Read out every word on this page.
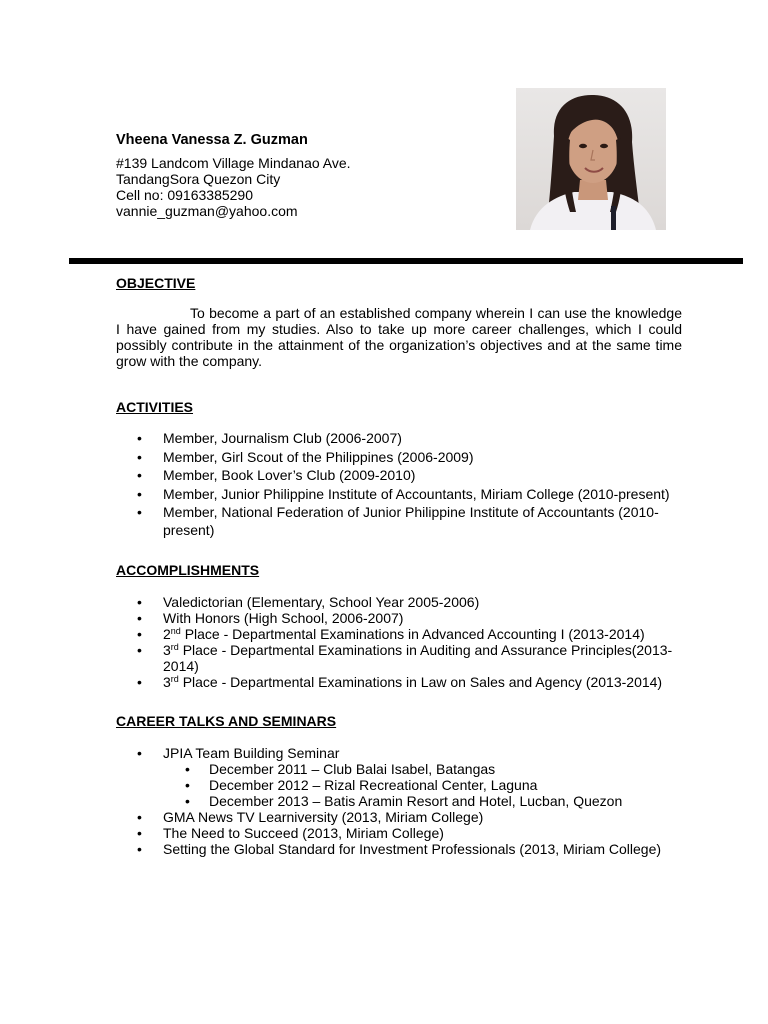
Vheena Vanessa Z. Guzman
#139 Landcom Village Mindanao Ave.
TandangSora Quezon City
Cell no: 09163385290
vannie_guzman@yahoo.com
OBJECTIVE
To become a part of an established company wherein I can use the knowledge I have gained from my studies. Also to take up more career challenges, which I could possibly contribute in the attainment of the organization’s objectives and at the same time grow with the company.
ACTIVITIES
• Member, Journalism Club (2006-2007)
• Member, Girl Scout of the Philippines (2006-2009)
• Member, Book Lover’s Club (2009-2010)
• Member, Junior Philippine Institute of Accountants, Miriam College (2010-present)
• Member, National Federation of Junior Philippine Institute of Accountants (2010-present)
ACCOMPLISHMENTS
• Valedictorian (Elementary, School Year 2005-2006)
• With Honors (High School, 2006-2007)
• 2nd Place - Departmental Examinations in Advanced Accounting I (2013-2014)
• 3rd Place - Departmental Examinations in Auditing and Assurance Principles(2013-2014)
• 3rd Place - Departmental Examinations in Law on Sales and Agency (2013-2014)
CAREER TALKS AND SEMINARS
• JPIA Team Building Seminar
• December 2011 – Club Balai Isabel, Batangas
• December 2012 – Rizal Recreational Center, Laguna
• December 2013 – Batis Aramin Resort and Hotel, Lucban, Quezon
• GMA News TV Learniversity (2013, Miriam College)
• The Need to Succeed (2013, Miriam College)
• Setting the Global Standard for Investment Professionals (2013, Miriam College)
